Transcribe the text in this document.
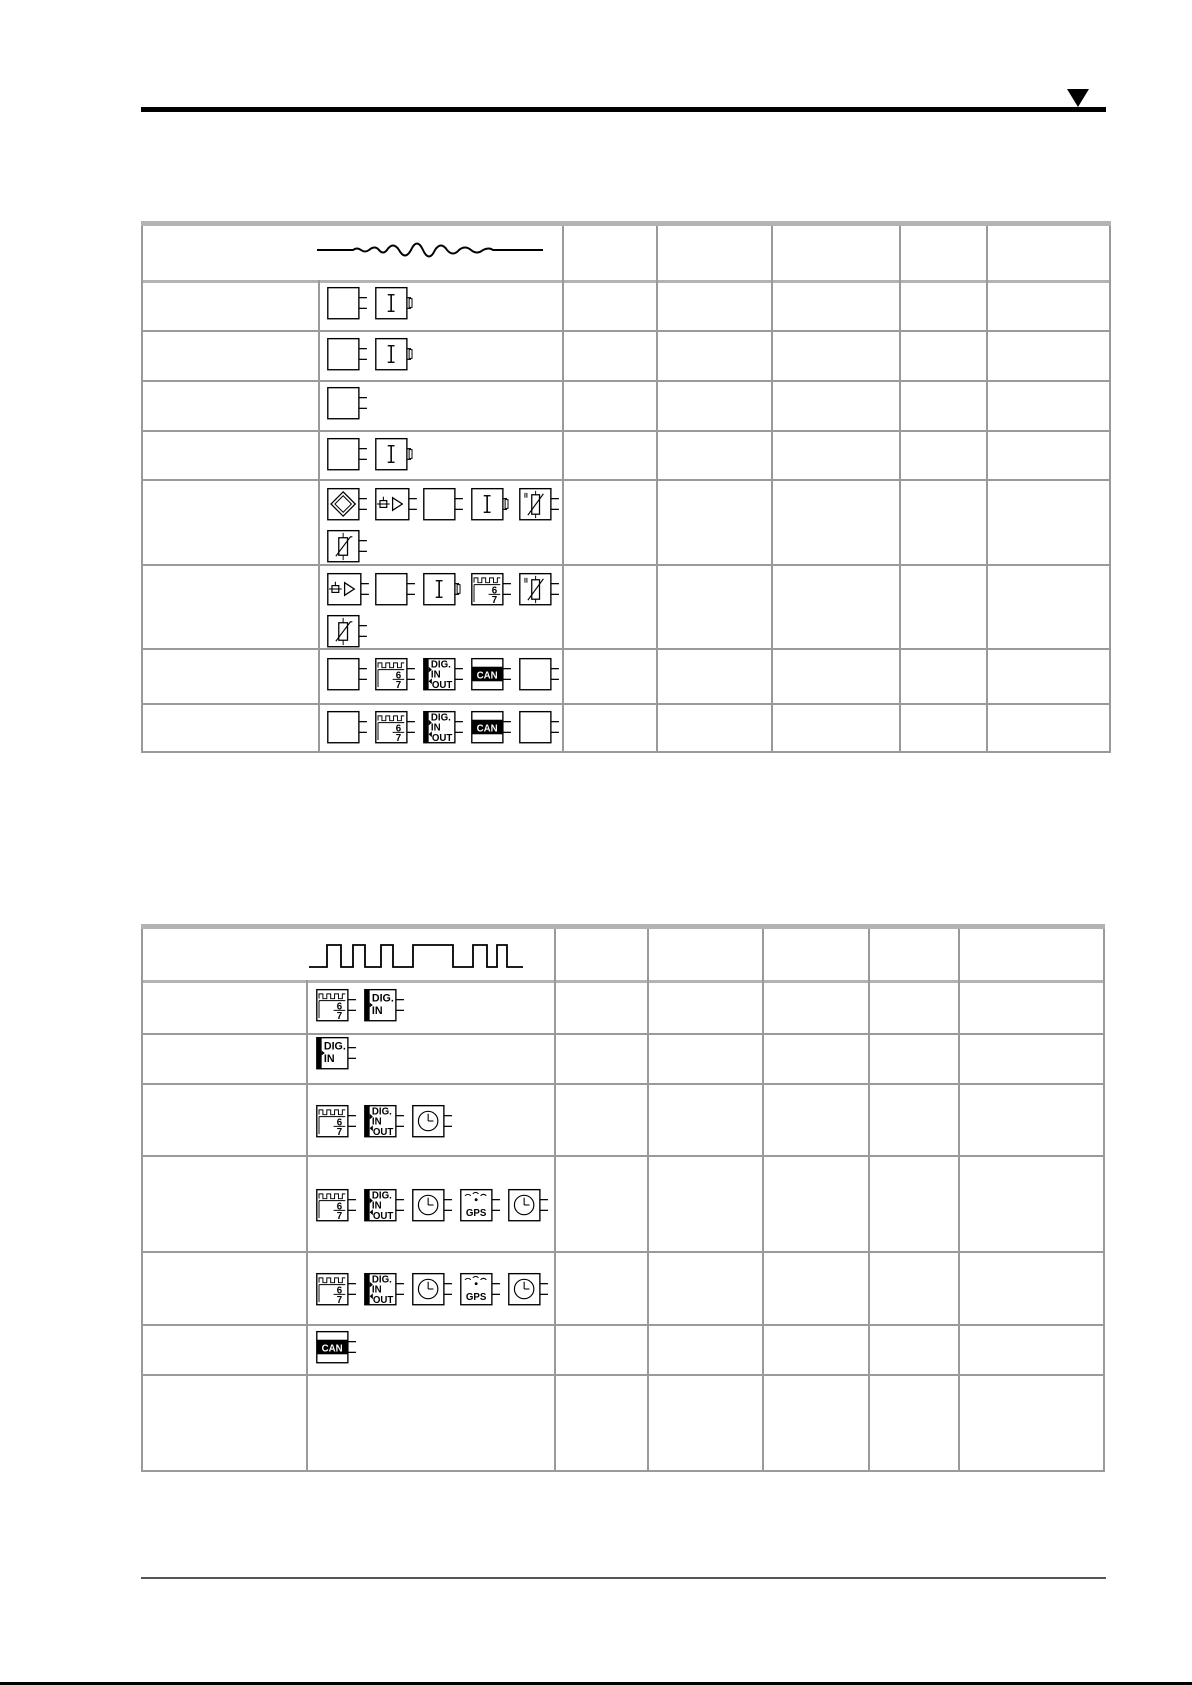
6
7
6
7
DIG.
IN
OUT
CAN
6
7
DIG.
IN
OUT
CAN
6
7
DIG.
IN
DIG.
IN
6
7
DIG.
IN
OUT
6
7
DIG.
IN
OUT	GPS
6
7
DIG.
IN
OUT	GPS
CAN
